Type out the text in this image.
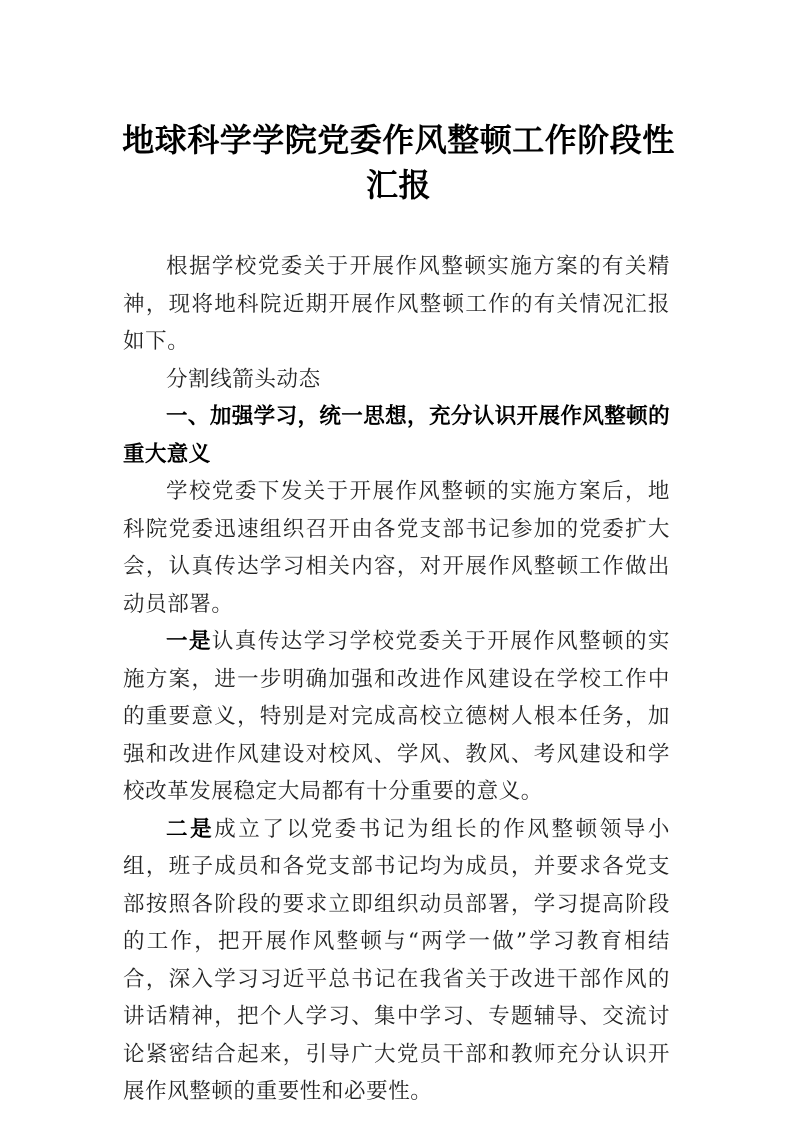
地球科学学院党委作风整顿工作阶段性汇报

根据学校党委关于开展作风整顿实施方案的有关精神，现将地科院近期开展作风整顿工作的有关情况汇报如下。

分割线箭头动态

一、加强学习，统一思想，充分认识开展作风整顿的重大意义

学校党委下发关于开展作风整顿的实施方案后，地科院党委迅速组织召开由各党支部书记参加的党委扩大会，认真传达学习相关内容，对开展作风整顿工作做出动员部署。

一是认真传达学习学校党委关于开展作风整顿的实施方案，进一步明确加强和改进作风建设在学校工作中的重要意义，特别是对完成高校立德树人根本任务，加强和改进作风建设对校风、学风、教风、考风建设和学校改革发展稳定大局都有十分重要的意义。

二是成立了以党委书记为组长的作风整顿领导小组，班子成员和各党支部书记均为成员，并要求各党支部按照各阶段的要求立即组织动员部署，学习提高阶段的工作，把开展作风整顿与“两学一做”学习教育相结合，深入学习习近平总书记在我省关于改进干部作风的讲话精神，把个人学习、集中学习、专题辅导、交流讨论紧密结合起来，引导广大党员干部和教师充分认识开展作风整顿的重要性和必要性。
